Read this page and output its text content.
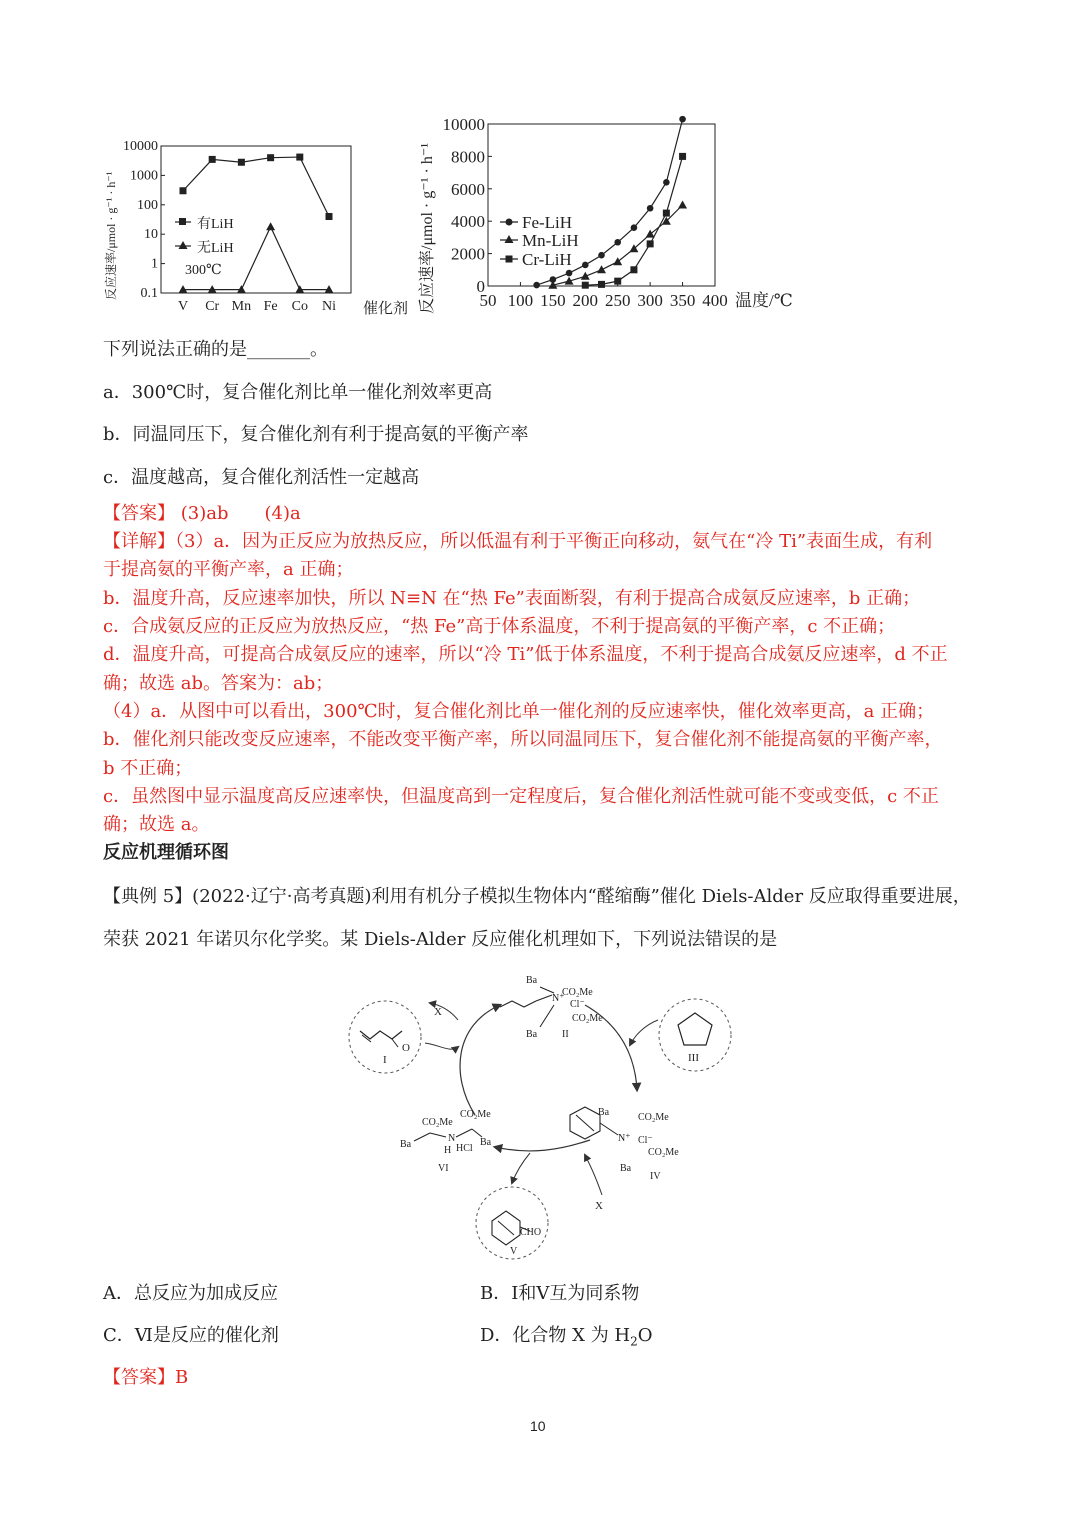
反应速率/μmol · g⁻¹ · h⁻¹ 0.1
1
10
100
1000
10000
V Cr Mn Fe Co Ni
有LiH
无LiH
300℃
催化剂 反应速率/μmol · g⁻¹ · h⁻¹ 0
2000
4000
6000
8000
10000
50 100 150 200 250 300 350 400
Fe-LiH
Mn-LiH
Cr-LiH
温度/℃
下列说法正确的是_______。
a．300℃时，复合催化剂比单一催化剂效率更高
b．同温同压下，复合催化剂有利于提高氨的平衡产率
c．温度越高，复合催化剂活性一定越高
【答案】 (3)ab　　(4)a
【详解】（3）a．因为正反应为放热反应，所以低温有利于平衡正向移动，氨气在“冷 Ti”表面生成，有利
于提高氨的平衡产率，a 正确；
b．温度升高，反应速率加快，所以 N≡N 在“热 Fe”表面断裂，有利于提高合成氨反应速率，b 正确；
c．合成氨反应的正反应为放热反应，“热 Fe”高于体系温度，不利于提高氨的平衡产率，c 不正确；
d．温度升高，可提高合成氨反应的速率，所以“冷 Ti”低于体系温度，不利于提高合成氨反应速率，d 不正
确；故选 ab。答案为：ab；
（4）a．从图中可以看出，300℃时，复合催化剂比单一催化剂的反应速率快，催化效率更高，a 正确；
b．催化剂只能改变反应速率，不能改变平衡产率，所以同温同压下，复合催化剂不能提高氨的平衡产率，
b 不正确；
c．虽然图中显示温度高反应速率快，但温度高到一定程度后，复合催化剂活性就可能不变或变低，c 不正
确；故选 a。
反应机理循环图
【典例 5】(2022·辽宁·高考真题)利用有机分子模拟生物体内“醛缩酶”催化 Diels-Alder 反应取得重要进展，
荣获 2021 年诺贝尔化学奖。某 Diels-Alder 反应催化机理如下，下列说法错误的是
O
I
X
Ba
N⁺
CO₂Me
Cl⁻
CO₂Me
Ba II
III
Ba
N⁺
CO₂Me
Cl⁻
CO₂Me
Ba
IV
CO₂Me
CO₂Me
Ba
N
H HCl
Ba
VI
CHO
V
X
A．总反应为加成反应	B．Ⅰ和Ⅴ互为同系物
C．Ⅵ是反应的催化剂	D．化合物 X 为 $H_2O$
【答案】B
10
